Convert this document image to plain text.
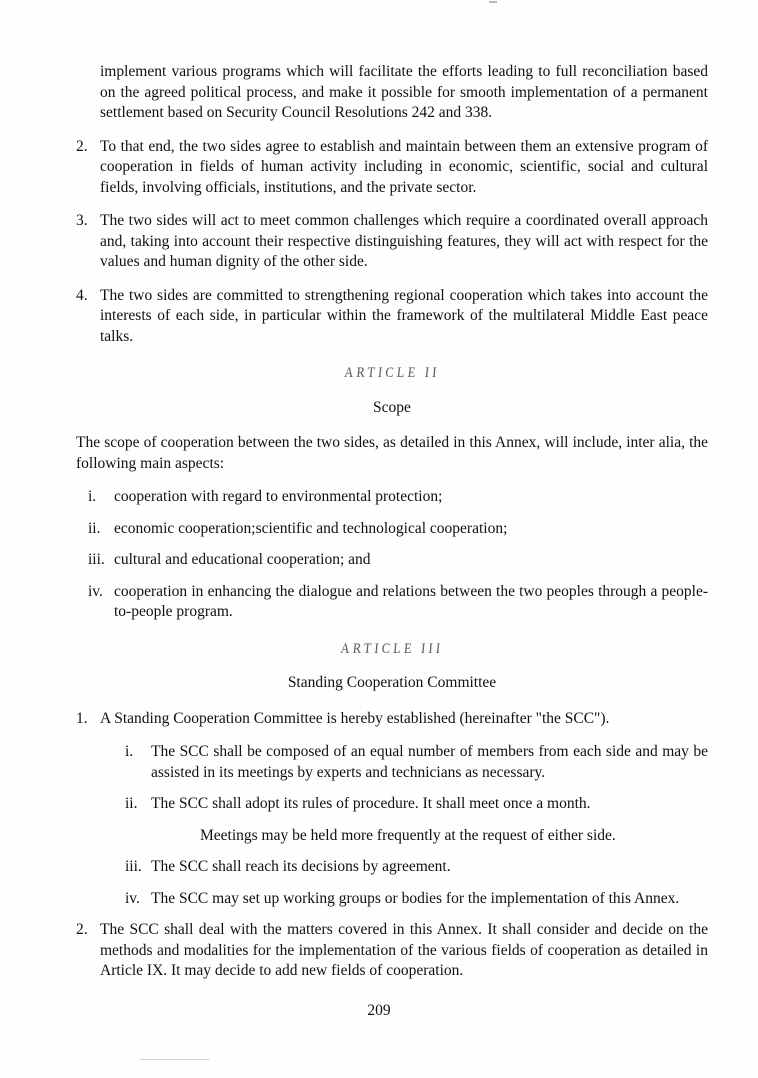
implement various programs which will facilitate the efforts leading to full reconciliation based on the agreed political process, and make it possible for smooth implementation of a permanent settlement based on Security Council Resolutions 242 and 338.

2. To that end, the two sides agree to establish and maintain between them an extensive program of cooperation in fields of human activity including in economic, scientific, social and cultural fields, involving officials, institutions, and the private sector.
3. The two sides will act to meet common challenges which require a coordinated overall approach and, taking into account their respective distinguishing features, they will act with respect for the values and human dignity of the other side.
4. The two sides are committed to strengthening regional cooperation which takes into account the interests of each side, in particular within the framework of the multilateral Middle East peace talks.
ARTICLE II
Scope

The scope of cooperation between the two sides, as detailed in this Annex, will include, inter alia, the following main aspects:

i.	cooperation with regard to environmental protection;
ii. economic cooperation;scientific and technological cooperation;
iii. cultural and educational cooperation; and
iv. cooperation in enhancing the dialogue and relations between the two peoples through a people-to-people program.
ARTICLE III
Standing Cooperation Committee
1. A Standing Cooperation Committee is hereby established (hereinafter "the SCC").
i.	The SCC shall be composed of an equal number of members from each side and may be assisted in its meetings by experts and technicians as necessary.
ii. The SCC shall adopt its rules of procedure. It shall meet once a month.

Meetings may be held more frequently at the request of either side.

iii. The SCC shall reach its decisions by agreement.
iv. The SCC may set up working groups or bodies for the implementation of this Annex.
2. The SCC shall deal with the matters covered in this Annex. It shall consider and decide on the methods and modalities for the implementation of the various fields of cooperation as detailed in Article IX. It may decide to add new fields of cooperation.
209
